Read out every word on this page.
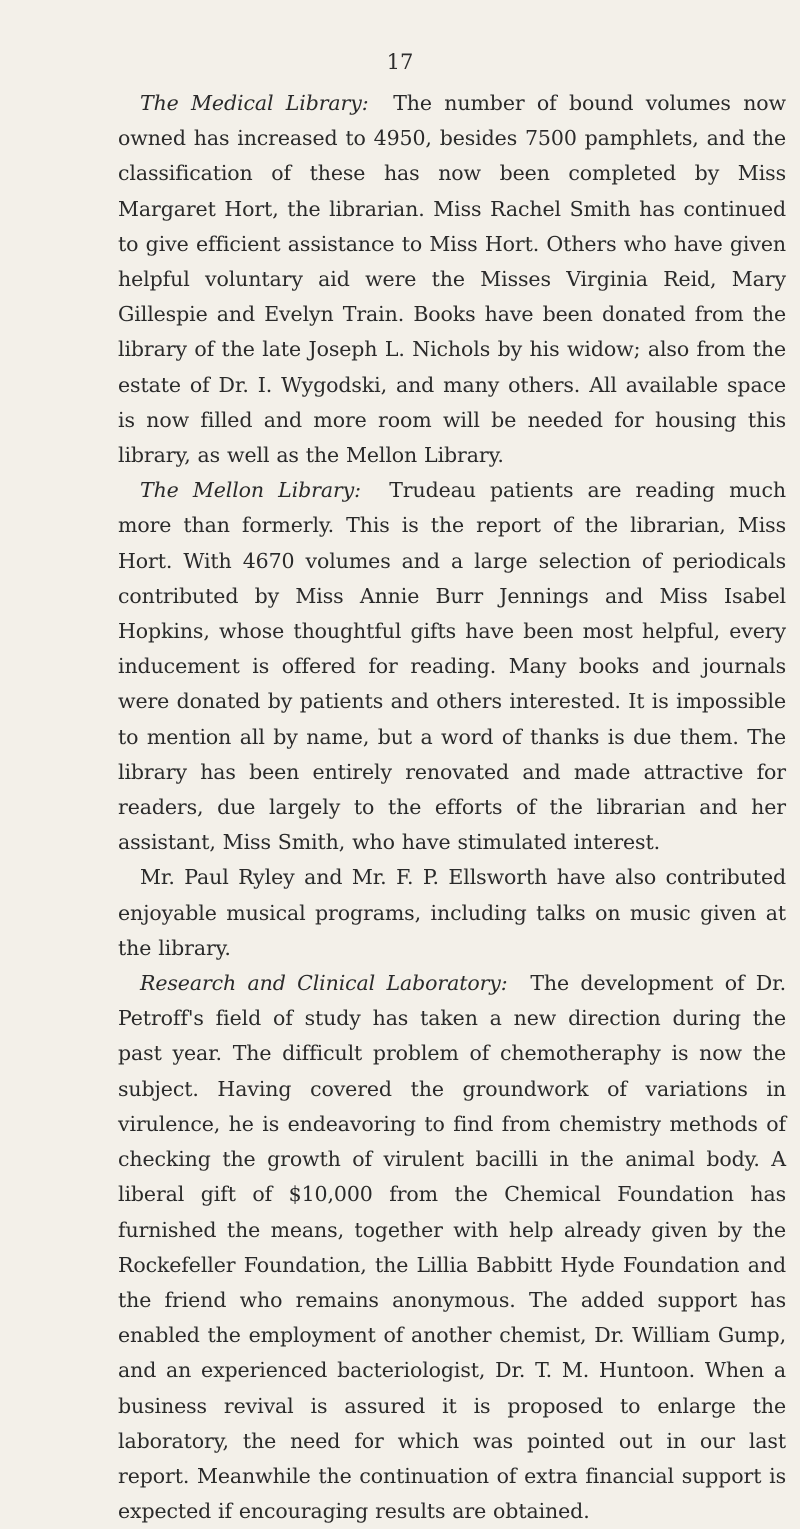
17

The Medical Library: The number of bound volumes now owned has increased to 4950, besides 7500 pamphlets, and the classification of these has now been completed by Miss Margaret Hort, the librarian. Miss Rachel Smith has continued to give efficient assistance to Miss Hort. Others who have given helpful voluntary aid were the Misses Virginia Reid, Mary Gillespie and Evelyn Train. Books have been donated from the library of the late Joseph L. Nichols by his widow; also from the estate of Dr. I. Wygodski, and many others. All available space is now filled and more room will be needed for housing this library, as well as the Mellon Library.

The Mellon Library: Trudeau patients are reading much more than formerly. This is the report of the librarian, Miss Hort. With 4670 volumes and a large selection of periodicals contributed by Miss Annie Burr Jennings and Miss Isabel Hopkins, whose thoughtful gifts have been most helpful, every inducement is offered for reading. Many books and journals were donated by patients and others interested. It is impossible to mention all by name, but a word of thanks is due them. The library has been entirely renovated and made attractive for readers, due largely to the efforts of the librarian and her assistant, Miss Smith, who have stimulated interest.

Mr. Paul Ryley and Mr. F. P. Ellsworth have also contributed enjoyable musical programs, including talks on music given at the library.

Research and Clinical Laboratory: The development of Dr. Petroff's field of study has taken a new direction during the past year. The difficult problem of chemotheraphy is now the subject. Having covered the groundwork of variations in virulence, he is endeavoring to find from chemistry methods of checking the growth of virulent bacilli in the animal body. A liberal gift of $10,000 from the Chemical Foundation has furnished the means, together with help already given by the Rockefeller Foundation, the Lillia Babbitt Hyde Foundation and the friend who remains anonymous. The added support has enabled the employment of another chemist, Dr. William Gump, and an experienced bacteriologist, Dr. T. M. Huntoon. When a business revival is assured it is proposed to enlarge the laboratory, the need for which was pointed out in our last report. Meanwhile the continuation of extra financial support is expected if encouraging results are obtained.
